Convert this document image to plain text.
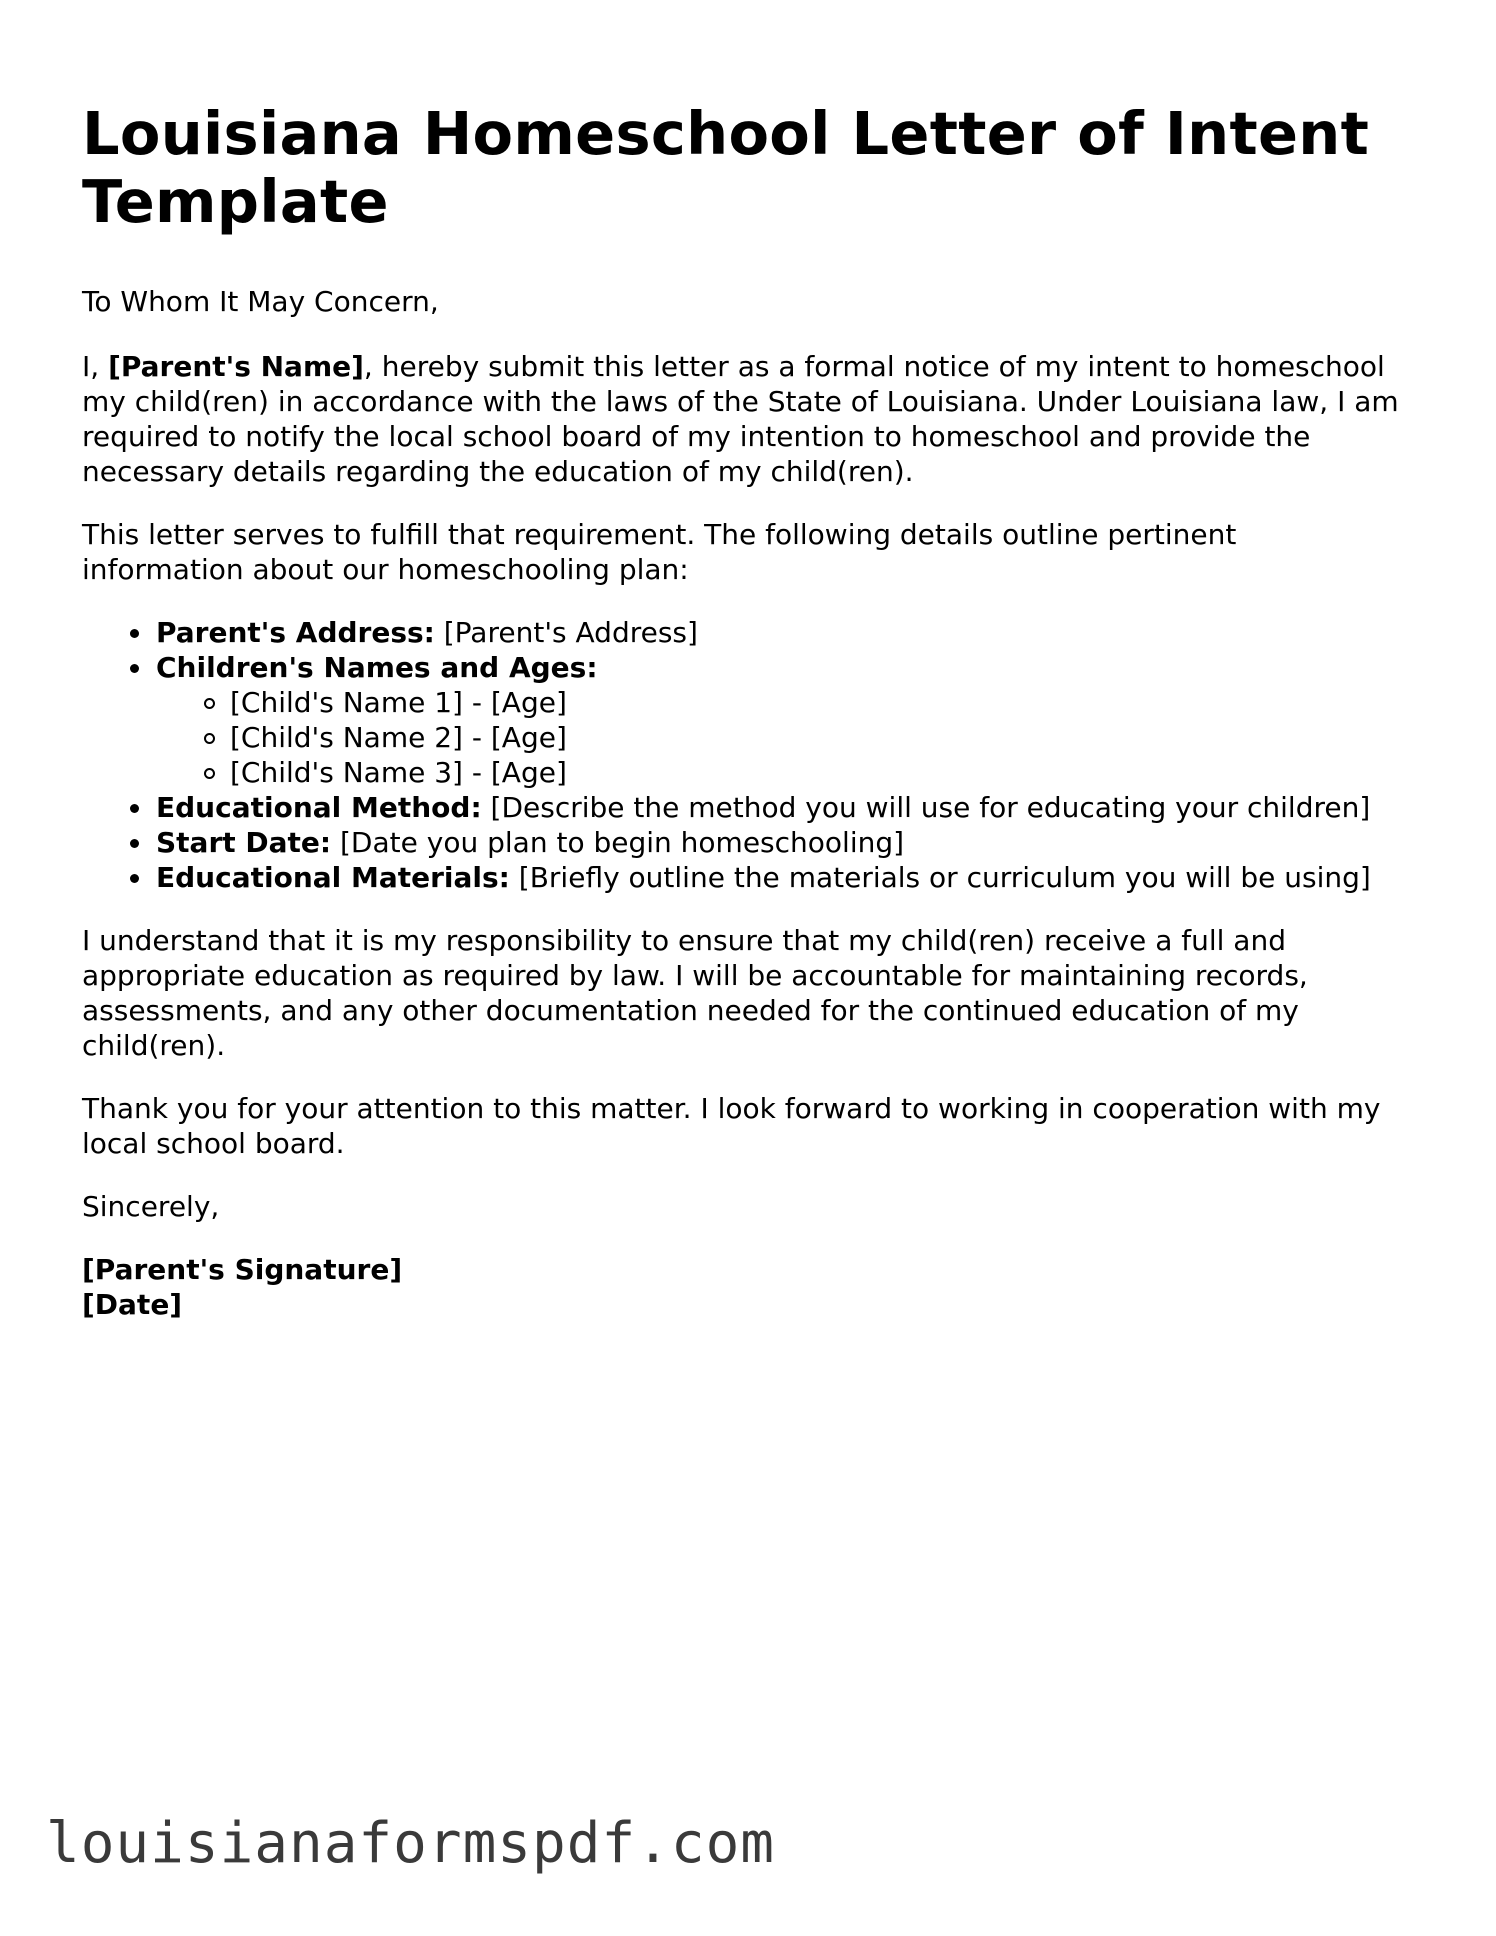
Louisiana Homeschool Letter of Intent Template
To Whom It May Concern,

I, [Parent's Name], hereby submit this letter as a formal notice of my intent to homeschool my child(ren) in accordance with the laws of the State of Louisiana. Under Louisiana law, I am required to notify the local school board of my intention to homeschool and provide the necessary details regarding the education of my child(ren).

This letter serves to fulfill that requirement. The following details outline pertinent information about our homeschooling plan:

Parent's Address: [Parent's Address]
Children's Names and Ages:
[Child's Name 1] - [Age]
[Child's Name 2] - [Age]
[Child's Name 3] - [Age]
Educational Method: [Describe the method you will use for educating your children]
Start Date: [Date you plan to begin homeschooling]
Educational Materials: [Briefly outline the materials or curriculum you will be using]

I understand that it is my responsibility to ensure that my child(ren) receive a full and appropriate education as required by law. I will be accountable for maintaining records, assessments, and any other documentation needed for the continued education of my child(ren).

Thank you for your attention to this matter. I look forward to working in cooperation with my local school board.

Sincerely,

[Parent's Signature]
[Date]
louisianaformspdf.com
